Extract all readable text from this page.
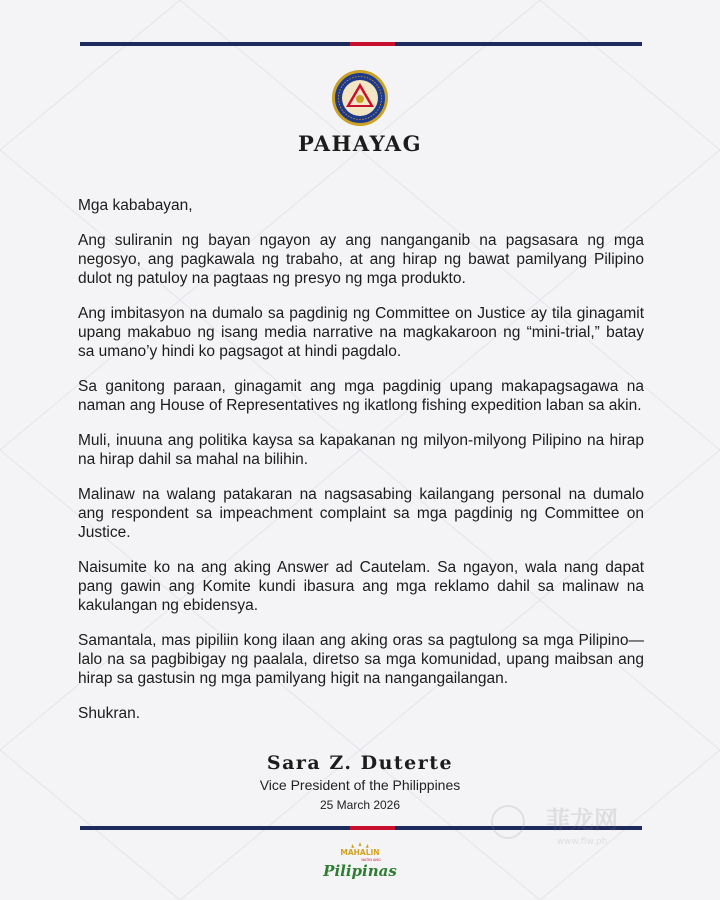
PAHAYAG

Mga kababayan,

Ang suliranin ng bayan ngayon ay ang nanganganib na pagsasara ng mga negosyo, ang pagkawala ng trabaho, at ang hirap ng bawat pamilyang Pilipino dulot ng patuloy na pagtaas ng presyo ng mga produkto.

Ang imbitasyon na dumalo sa pagdinig ng Committee on Justice ay tila ginagamit upang makabuo ng isang media narrative na magkakaroon ng “mini-trial,” batay sa umano’y hindi ko pagsagot at hindi pagdalo.

Sa ganitong paraan, ginagamit ang mga pagdinig upang makapagsagawa na naman ang House of Representatives ng ikatlong fishing expedition laban sa akin.

Muli, inuuna ang politika kaysa sa kapakanan ng milyon-milyong Pilipino na hirap na hirap dahil sa mahal na bilihin.

Malinaw na walang patakaran na nagsasabing kailangang personal na dumalo ang respondent sa impeachment complaint sa mga pagdinig ng Committee on Justice.

Naisumite ko na ang aking Answer ad Cautelam. Sa ngayon, wala nang dapat pang gawin ang Komite kundi ibasura ang mga reklamo dahil sa malinaw na kakulangan ng ebidensya.

Samantala, mas pipiliin kong ilaan ang aking oras sa pagtulong sa mga Pilipino—lalo na sa pagbibigay ng paalala, diretso sa mga komunidad, upang maibsan ang hirap sa gastusin ng mga pamilyang higit na nangangailangan.

Shukran.

Sara Z. Duterte
Vice President of the Philippines
25 March 2026
MAHALIN
NATIN ANG
Pilipinas
菲龙网
www.flw.ph
